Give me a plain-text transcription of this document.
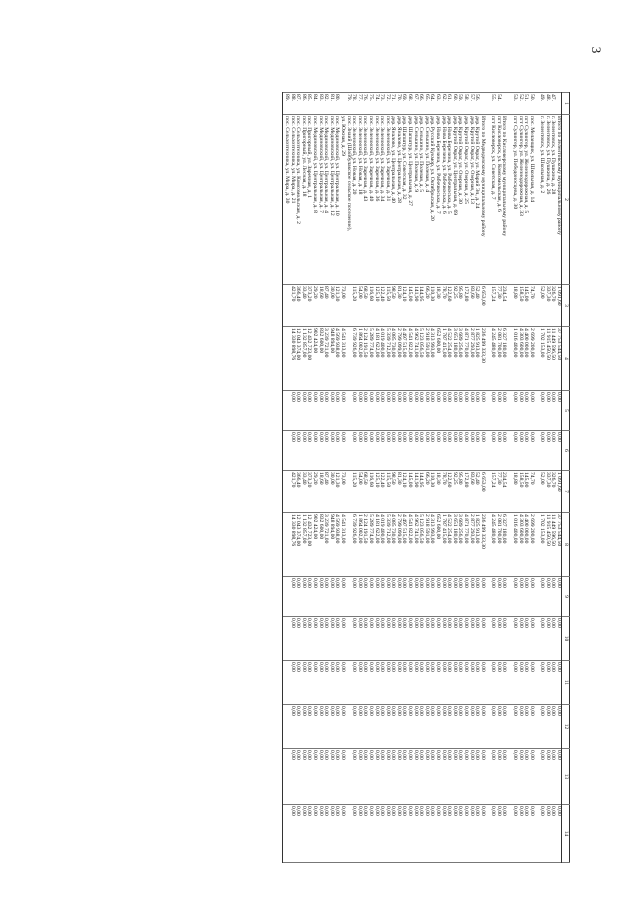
3
1	2	3	4	5	6	7	8	9	10	11	12	13	14
	Итого по Зелентовскому муниципальному району	1 091,60	37 753 544,50	0,00	0,00	1 091,60	37 753 544,50	0,00	0,00	0,00	0,00	0,00	0,00
47.	г. Зелентовск, ул. Пушкина, д. 28	326,70	11 449 596,50	0,00	0,00	326,70	11 449 596,50	0,00	0,00	0,00	0,00	0,00	0,00
48.	г. Зелентовск, ул. Пушкина, д. 26	337,30	11 915 450,50	0,00	0,00	337,30	11 915 450,50	0,00	0,00	0,00	0,00	0,00	0,00
49.	г. Зелентовск, ул. Школьная, д. 2	52,00	1 702 153,00	0,00	0,00	52,00	1 702 153,00	0,00	0,00	0,00	0,00	0,00	0,00

50.	пос. Меланщик, ул. Школьная, д. 14	74,70	2 699 200,00	0,00	0,00	74,70	2 699 200,00	0,00	0,00	0,00	0,00	0,00	0,00
51.	пгт Сулингер, ул. Железнодорожная, д. 5	145,00	4 400 000,00	0,00	0,00	145,00	4 400 000,00	0,00	0,00	0,00	0,00	0,00	0,00
52.	пгт Сулингер, ул. Железнодорожная, д. 33	158,50	4 303 600,00	0,00	0,00	158,50	4 303 600,00	0,00	0,00	0,00	0,00	0,00	0,00
53.	пгт Сулингер, ул. Победоносцева, д. 30	18,80	1 016 400,00	0,00	0,00	18,80	1 016 400,00	0,00	0,00	0,00	0,00	0,00	0,00

	Итого по Кисловерскому муниципальному району	234,54	6 327 180,00	0,00	0,00	234,54	6 327 180,00	0,00	0,00	0,00	0,00	0,00	0,00
54.	пгт Кисловерск, ул. Комсомольская, д. 6	77,30	2 081 700,00	0,00	0,00	77,30	2 081 700,00	0,00	0,00	0,00	0,00	0,00	0,00
55.	пгт Кисловерск, ул. Советская, д. 7	157,24	4 245 480,00	0,00	0,00	157,24	4 245 480,00	0,00	0,00	0,00	0,00	0,00	0,00

	Итого по Медведевскому муниципальному району	6 653,00	236 499 333,30	0,00	0,00	6 653,00	236 499 333,30	0,00	0,00	0,00	0,00	0,00	0,00
56.	дер. Крутой Овраг, ул. Марий Эл, д. 24	52,40	1 825 913,00	0,00	0,00	52,40	1 825 913,00	0,00	0,00	0,00	0,00	0,00	0,00
57.	дер. Крутой Овраг, ул. Озерная, д. 13	83,60	2 877 293,00	0,00	0,00	83,60	2 877 293,00	0,00	0,00	0,00	0,00	0,00	0,00
58.	дер. Крутой Овраг, ул. Озерная, д. 25	172,80	4 871 770,00	0,00	0,00	172,80	4 871 770,00	0,00	0,00	0,00	0,00	0,00	0,00
59.	дер. Крутой Овраг, ул. Озерная, д. 30	95,80	3 689 256,00	0,00	0,00	95,80	3 689 256,00	0,00	0,00	0,00	0,00	0,00	0,00
60.	дер. Крутой Овраг, ул. Центральная, д. 69	92,25	3 651 180,00	0,00	0,00	92,25	3 651 180,00	0,00	0,00	0,00	0,00	0,00	0,00
61.	дер. Нива Березина, ул. Рабочкоська, д. 5	122,60	4 522 254,00	0,00	0,00	122,60	4 522 254,00	0,00	0,00	0,00	0,00	0,00	0,00
62.	дер. Нива Березина, ул. Рабочкоська, д. 6	78,70	1 787 415,00	0,00	0,00	78,70	1 787 415,00	0,00	0,00	0,00	0,00	0,00	0,00
63.	дер. Нива Березина, ул. Рабочкоська, д. 7	18,30	652 600,00	0,00	0,00	18,30	652 600,00	0,00	0,00	0,00	0,00	0,00	0,00
64.	дер. Русский Кукмор, ул. Октябрьская, д. 20	110,30	4 313 993,00	0,00	0,00	110,30	4 313 993,00	0,00	0,00	0,00	0,00	0,00	0,00
65.	дер. Сенькино, ул. Полевая, д. 4	66,20	2 918 591,00	0,00	0,00	66,20	2 918 591,00	0,00	0,00	0,00	0,00	0,00	0,00
66.	дер. Сенькино, ул. Полевая, д. 5	144,95	5 123 056,50	0,00	0,00	144,95	5 123 056,50	0,00	0,00	0,00	0,00	0,00	0,00
67.	дер. Сенькино, ул. Полевая, д. 9	141,90	4 962 741,00	0,00	0,00	141,90	4 962 741,00	0,00	0,00	0,00	0,00	0,00	0,00
68.	дер. Шапштур, ул. Центральная, д. 27	145,00	4 541 822,00	0,00	0,00	145,00	4 541 822,00	0,00	0,00	0,00	0,00	0,00	0,00
69.	дер. Шапштур, ул. Советская, д. 32	124,10	4 497 515,00	0,00	0,00	124,10	4 497 515,00	0,00	0,00	0,00	0,00	0,00	0,00
70.	дер. Яналово, ул. Центральная, д. 28	81,30	2 799 099,00	0,00	0,00	81,30	2 799 099,00	0,00	0,00	0,00	0,00	0,00	0,00
71.	дер. Яналово, ул. Центральная, д. 40	98,50	4 085 730,00	0,00	0,00	98,50	4 085 730,00	0,00	0,00	0,00	0,00	0,00	0,00
72.	пос. Зеленоохий, ул. Заречная, д. 31	115,50	5 339 712,00	0,00	0,00	115,50	5 339 712,00	0,00	0,00	0,00	0,00	0,00	0,00
73.	пос. Зеленоохий, ул. Заречная, д. 34	122,40	4 019 400,00	0,00	0,00	122,40	4 019 400,00	0,00	0,00	0,00	0,00	0,00	0,00
74.	пос. Зеленоохий, ул. Заречная, д. 36	125,10	4 181 622,00	0,00	0,00	125,10	4 181 622,00	0,00	0,00	0,00	0,00	0,00	0,00
75.	пос. Зеленоохий, ул. Заречная, д. 40	116,60	5 289 774,00	0,00	0,00	116,60	5 289 774,00	0,00	0,00	0,00	0,00	0,00	0,00
76.	пос. Зеленоохий, ул. Заречная, д. 43	68,50	2 124 191,50	0,00	0,00	68,50	2 124 191,50	0,00	0,00	0,00	0,00	0,00	0,00
77.	пос. Зеленоохий, ул. Новая, д. 18	54,00	1 864 002,00	0,00	0,00	54,00	1 864 002,00	0,00	0,00	0,00	0,00	0,00	0,00
78.	пос. Зеленоохий, ул. Новая, д. 20	115,20	6 739 926,00	0,00	0,00	115,20	6 739 926,00	0,00	0,00	0,00	0,00	0,00	0,00
79.	пос. Знаий (Шойбулакское сельское поселение),												
	ул. Южная, д. 29	73,00	4 541 313,00	0,00	0,00	73,00	4 541 313,00	0,00	0,00	0,00	0,00	0,00	0,00
80.	пос. Мединовский, ул. Центральная, д. 10	121,30	4 569 938,00	0,00	0,00	121,30	4 569 938,00	0,00	0,00	0,00	0,00	0,00	0,00
81.	пос. Мединовский, ул. Центральная, д. 12	30,00	948 894,00	0,00	0,00	30,00	948 894,00	0,00	0,00	0,00	0,00	0,00	0,00
82.	пос. Мединовский, ул. Центральная, д. 4	87,40	3 239 721,00	0,00	0,00	87,40	3 239 721,00	0,00	0,00	0,00	0,00	0,00	0,00
83.	пос. Мединовский, ул. Центральная, д. 7	18,60	832 600,00	0,00	0,00	18,60	832 600,00	0,00	0,00	0,00	0,00	0,00	0,00
84.	пос. Мединовский, ул. Центральная, д. 8	29,20	902 424,00	0,00	0,00	29,20	902 424,00	0,00	0,00	0,00	0,00	0,00	0,00
85.	пос. Пригорный, ул. Заречная, д. 1	373,20	12 432 723,00	0,00	0,00	373,20	12 432 723,00	0,00	0,00	0,00	0,00	0,00	0,00
86.	пос. Пригорный, ул. Лесная, д. 18	33,40	1 132 857,00	0,00	0,00	33,40	1 132 857,00	0,00	0,00	0,00	0,00	0,00	0,00
87.	пос. Сельхозтехника, ул. Комсомольская, д. 2	366,40	12 043 374,00	0,00	0,00	366,40	12 043 374,00	0,00	0,00	0,00	0,00	0,00	0,00
88.	пос. Сельхозтехника, ул. Мира, д. 21	421,70	14 330 898,76	0,00	0,00	421,70	14 330 898,76	0,00	0,00	0,00	0,00	0,00	0,00
89.	пос. Сельхозтехника, ул. Мира, д. 30												
